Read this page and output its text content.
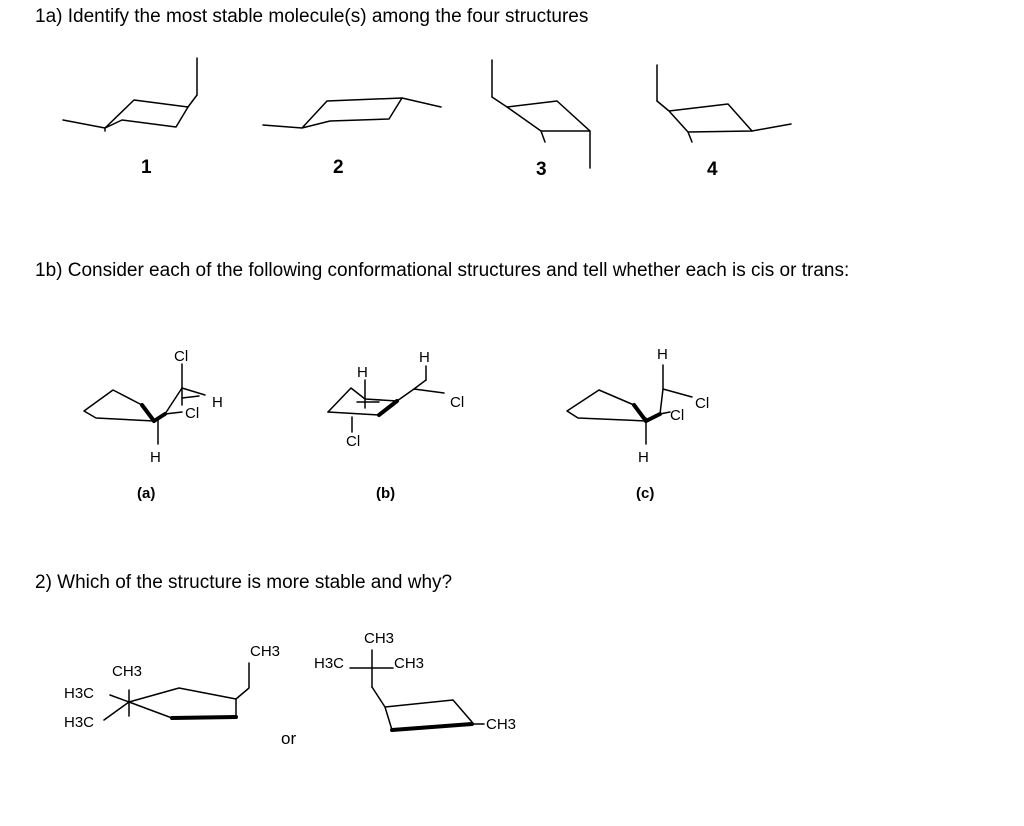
1a) Identify the most stable molecule(s) among the four structures

1	2	3	4

1b) Consider each of the following conformational structures and tell whether each is cis or trans:

Cl
H
Cl
H
(a)
H
H
Cl
Cl
(b)
H
Cl
Cl
H
(c)

2) Which of the structure is more stable and why?

CH3
CH3
H3C
H3C
or
CH3
H3C	CH3
CH3
